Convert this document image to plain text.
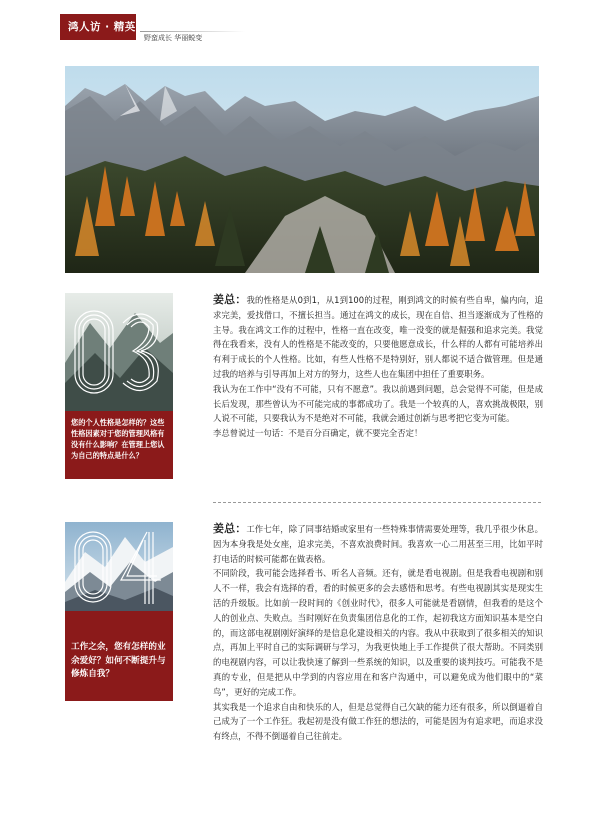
鸿人访 · 精英
野蛮成长 华丽蜕变
您的个人性格是怎样的？这些性格因素对于您的管理风格有没有什么影响？在管理上您认为自己的特点是什么？

姜总：我的性格是从0到1，从1到100的过程，刚到鸿文的时候有些自卑，偏内向，追求完美，爱找借口，不擅长担当。通过在鸿文的成长，现在自信、担当逐渐成为了性格的主导。我在鸿文工作的过程中，性格一直在改变，唯一没变的就是倔强和追求完美。我觉得在我看来，没有人的性格是不能改变的，只要他愿意成长，什么样的人都有可能培养出有利于成长的个人性格。比如，有些人性格不是特别好，别人都说不适合做管理。但是通过我的培养与引导再加上对方的努力，这些人也在集团中担任了重要职务。

我认为在工作中“没有不可能，只有不愿意”。我以前遇到问题，总会觉得不可能，但是成长后发现，那些曾认为不可能完成的事都成功了。我是一个较真的人，喜欢挑战极限，别人说不可能，只要我认为不是绝对不可能，我就会通过创新与思考把它变为可能。

李总曾说过一句话：不是百分百确定，就不要完全否定！

工作之余，您有怎样的业余爱好？如何不断提升与修炼自我？

姜总：工作七年，除了同事结婚或家里有一些特殊事情需要处理等，我几乎很少休息。因为本身我是处女座，追求完美，不喜欢浪费时间。我喜欢一心二用甚至三用，比如平时打电话的时候可能都在做表格。

不同阶段，我可能会选择看书、听名人音频。还有，就是看电视剧。但是我看电视剧和别人不一样，我会有选择的看，看的时候更多的会去感悟和思考。有些电视剧其实是现实生活的升级版。比如前一段时间的《创业时代》，很多人可能就是看剧情，但我看的是这个人的创业点、失败点。当时刚好在负责集团信息化的工作，起初我这方面知识基本是空白的，而这部电视剧刚好演绎的是信息化建设相关的内容。我从中获取到了很多相关的知识点，再加上平时自己的实际调研与学习，为我更快地上手工作提供了很大帮助。不同类别的电视剧内容，可以让我快速了解到一些系统的知识，以及重要的谈判技巧。可能我不是真的专业，但是把从中学到的内容应用在和客户沟通中，可以避免成为他们眼中的“菜鸟”，更好的完成工作。

其实我是一个追求自由和快乐的人，但是总觉得自己欠缺的能力还有很多，所以倒逼着自己成为了一个工作狂。我起初是没有做工作狂的想法的，可能是因为有追求吧，而追求没有终点，不得不倒逼着自己往前走。
